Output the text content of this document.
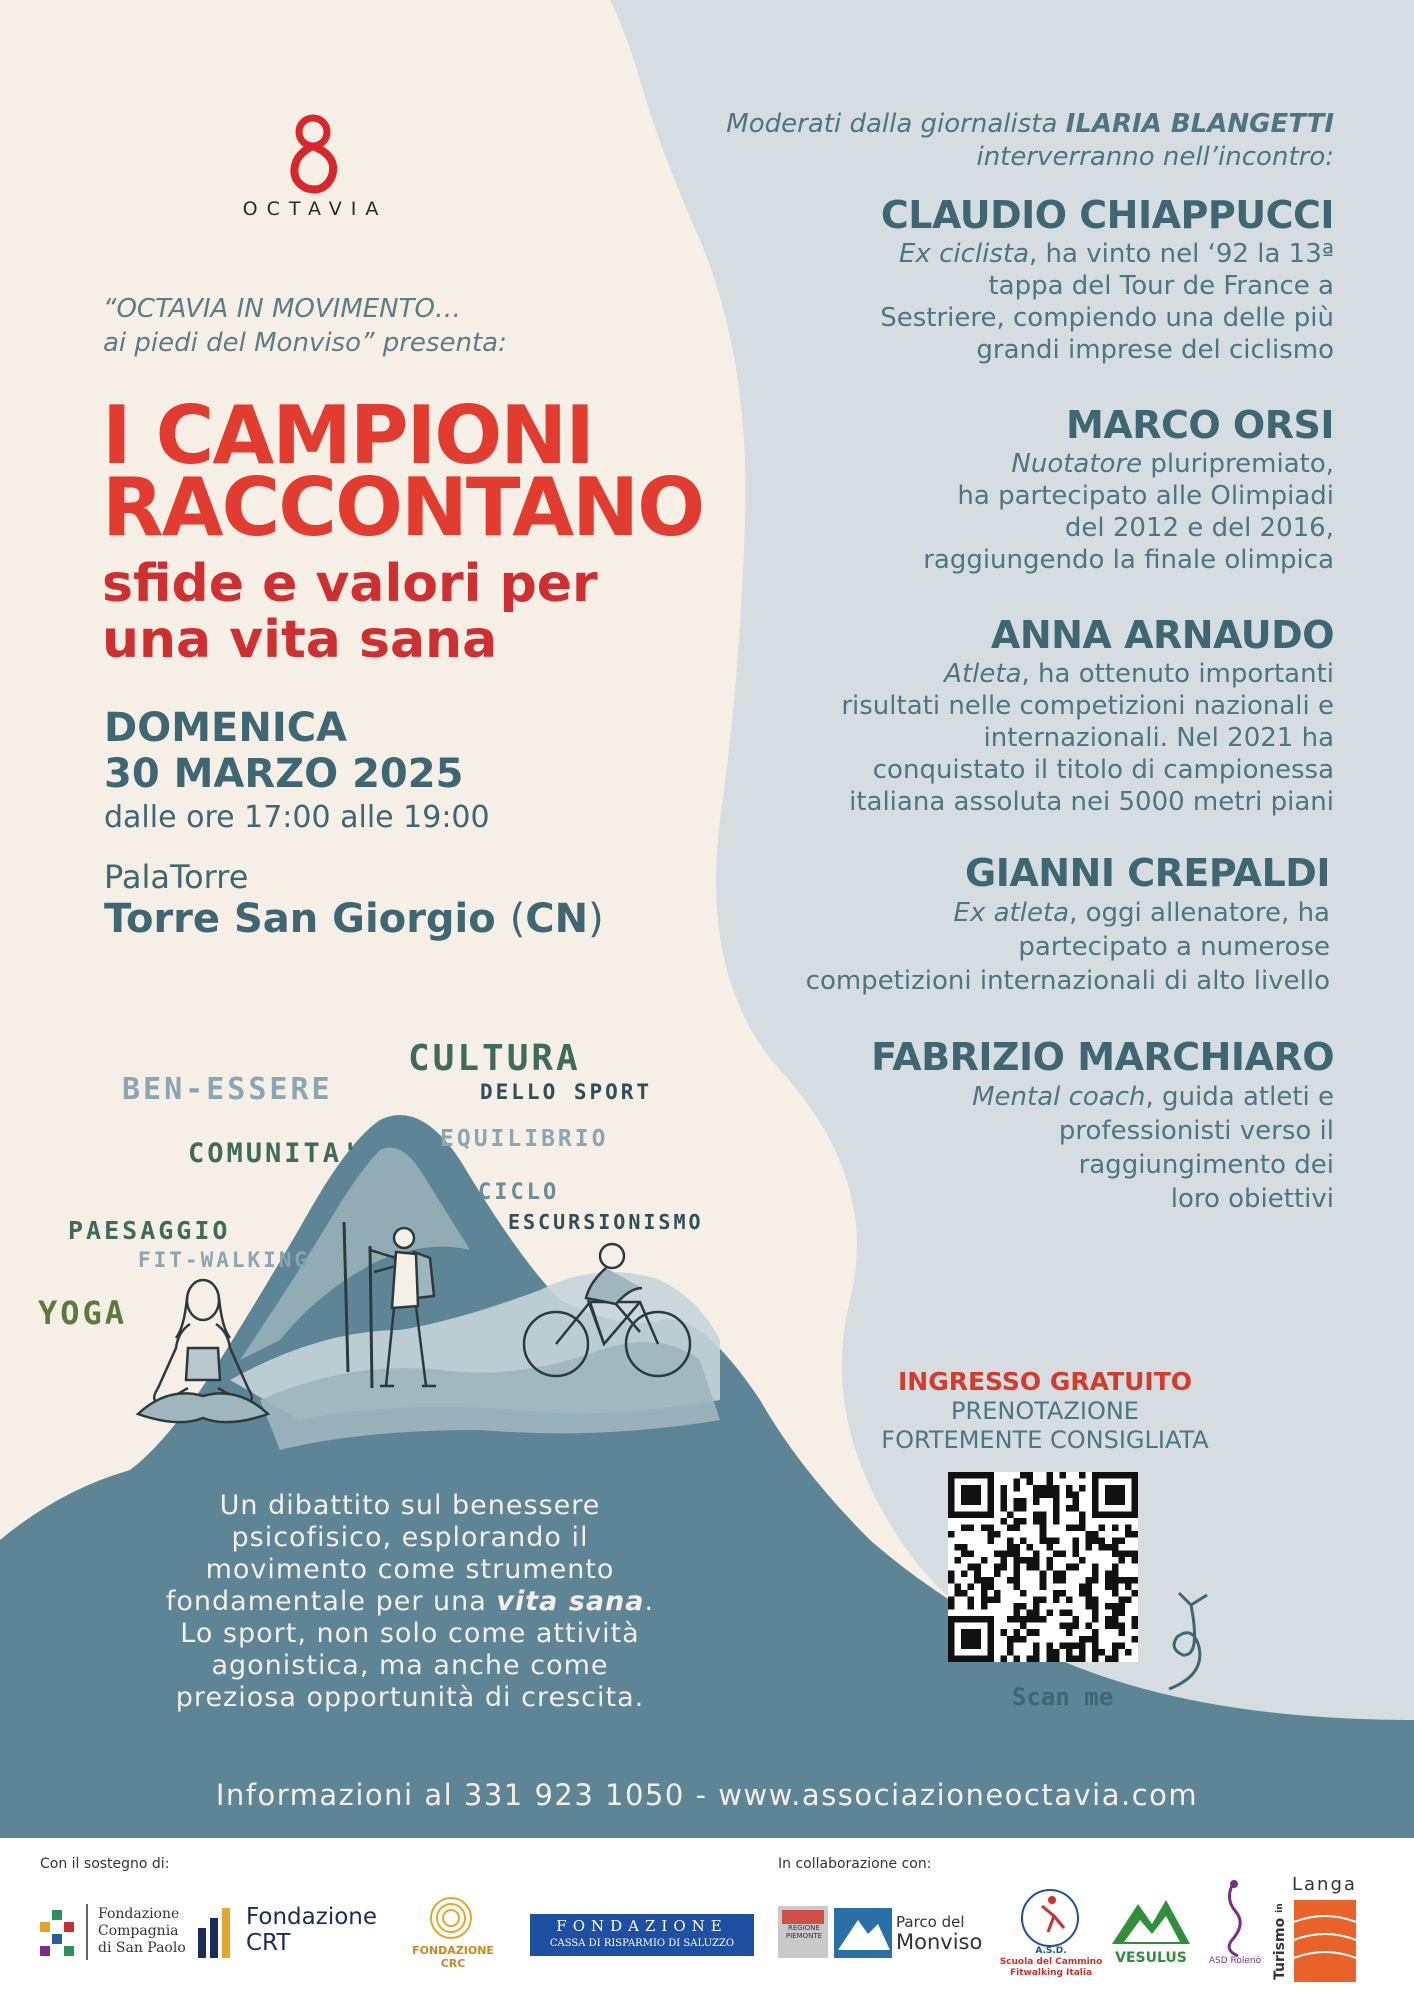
OCTAVIA
“OCTAVIA IN MOVIMENTO…
ai piedi del Monviso” presenta:
I CAMPIONI
RACCONTANO
sfide e valori per
una vita sana
DOMENICA
30 MARZO 2025
dalle ore 17:00 alle 19:00
PalaTorre
Torre San Giorgio (CN)
Moderati dalla giornalista ILARIA BLANGETTI
interverranno nell’incontro:
CLAUDIO CHIAPPUCCI
Ex ciclista, ha vinto nel ‘92 la 13ª
tappa del Tour de France a
Sestriere, compiendo una delle più
grandi imprese del ciclismo
MARCO ORSI
Nuotatore pluripremiato,
ha partecipato alle Olimpiadi
del 2012 e del 2016,
raggiungendo la finale olimpica
ANNA ARNAUDO
Atleta, ha ottenuto importanti
risultati nelle competizioni nazionali e
internazionali. Nel 2021 ha
conquistato il titolo di campionessa
italiana assoluta nei 5000 metri piani
GIANNI CREPALDI
Ex atleta, oggi allenatore, ha
partecipato a numerose
competizioni internazionali di alto livello
FABRIZIO MARCHIARO
Mental coach, guida atleti e
professionisti verso il
raggiungimento dei
loro obiettivi
BEN-ESSERE
CULTURA
DELLO SPORT
COMUNITA'	EQUILIBRIO
CICLO
ESCURSIONISMO
PAESAGGIO
FIT-WALKING
YOGA
Un dibattito sul benessere
psicofisico, esplorando il
movimento come strumento
fondamentale per una vita sana.
Lo sport, non solo come attività
agonistica, ma anche come
preziosa opportunità di crescita.
INGRESSO GRATUITO
PRENOTAZIONE
FORTEMENTE CONSIGLIATA
Scan me
Informazioni al 331 923 1050 - www.associazioneoctavia.com
Con il sostegno di:	In collaborazione con:
Fondazione
Compagnia
di San Paolo
Fondazione
CRT	FONDAZIONE CRC
FONDAZIONE
CASSA DI RISPARMIO DI SALUZZO
REGIONE
PIEMONTE
Parco del
Monviso	A.S.D.
Scuola del Cammino
Fitwalking Italia
VESULUS	ASD Rolenò Turismo in
Langa
